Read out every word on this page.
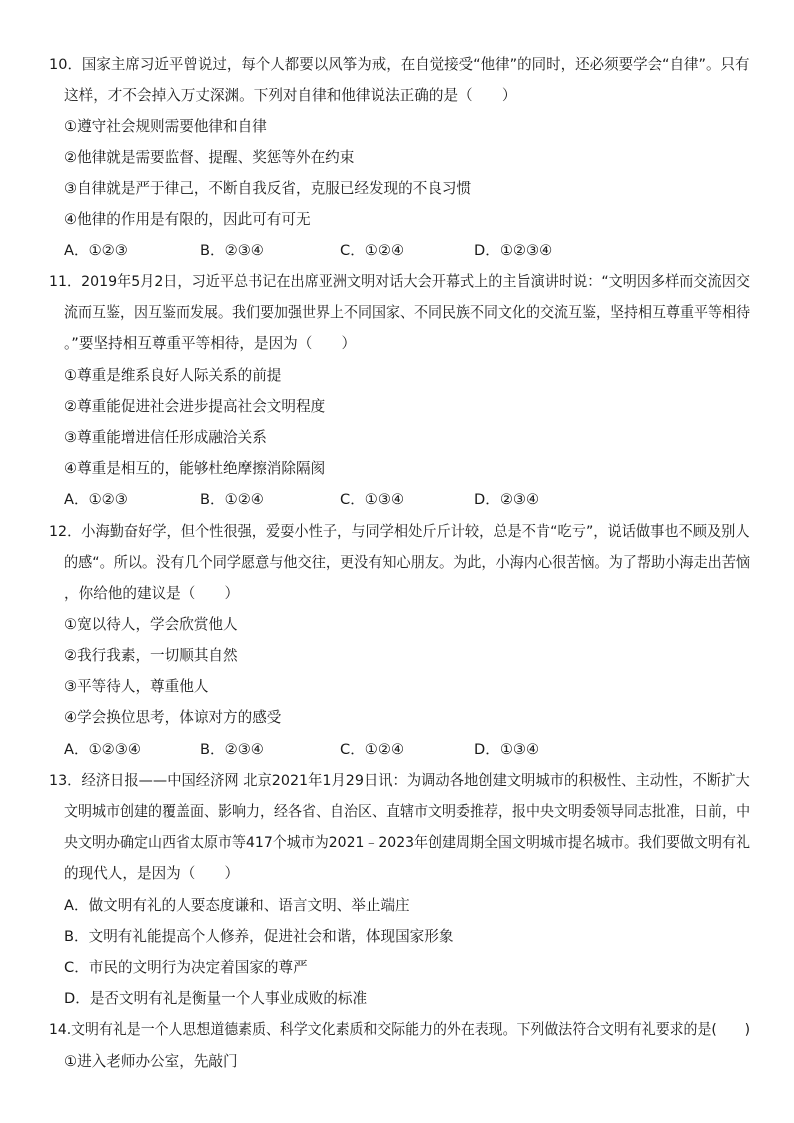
10．国家主席习近平曾说过，每个人都要以风筝为戒，在自觉接受“他律”的同时，还必须要学会“自律”。只有
这样，才不会掉入万丈深渊。下列对自律和他律说法正确的是（　　）
①遵守社会规则需要他律和自律
②他律就是需要监督、提醒、奖惩等外在约束
③自律就是严于律己，不断自我反省，克服已经发现的不良习惯
④他律的作用是有限的，因此可有可无
A．①②③	B．②③④	C．①②④	D．①②③④
11．2019年5月2日，习近平总书记在出席亚洲文明对话大会开幕式上的主旨演讲时说：“文明因多样而交流因交
流而互鉴，因互鉴而发展。我们要加强世界上不同国家、不同民族不同文化的交流互鉴，坚持相互尊重平等相待
。”要坚持相互尊重平等相待，是因为（　　）
①尊重是维系良好人际关系的前提
②尊重能促进社会进步提高社会文明程度
③尊重能增进信任形成融洽关系
④尊重是相互的，能够杜绝摩擦消除隔阂
A．①②③	B．①②④	C．①③④	D．②③④
12．小海勤奋好学，但个性很强，爱耍小性子，与同学相处斤斤计较，总是不肯“吃亏”，说话做事也不顾及别人
的感“。所以。没有几个同学愿意与他交往，更没有知心朋友。为此，小海内心很苦恼。为了帮助小海走出苦恼
，你给他的建议是（　　）
①宽以待人，学会欣赏他人
②我行我素，一切顺其自然
③平等待人，尊重他人
④学会换位思考，体谅对方的感受
A．①②③④	B．②③④	C．①②④	D．①③④
13．经济日报——中国经济网 北京2021年1月29日讯：为调动各地创建文明城市的积极性、主动性，不断扩大
文明城市创建的覆盖面、影响力，经各省、自治区、直辖市文明委推荐，报中央文明委领导同志批准，日前，中
央文明办确定山西省太原市等417个城市为2021﹣2023年创建周期全国文明城市提名城市。我们要做文明有礼
的现代人，是因为（　　）
A．做文明有礼的人要态度谦和、语言文明、举止端庄
B．文明有礼能提高个人修养，促进社会和谐，体现国家形象
C．市民的文明行为决定着国家的尊严
D．是否文明有礼是衡量一个人事业成败的标准
14.文明有礼是一个人思想道德素质、科学文化素质和交际能力的外在表现。下列做法符合文明有礼要求的是(　　)
①进入老师办公室，先敲门
